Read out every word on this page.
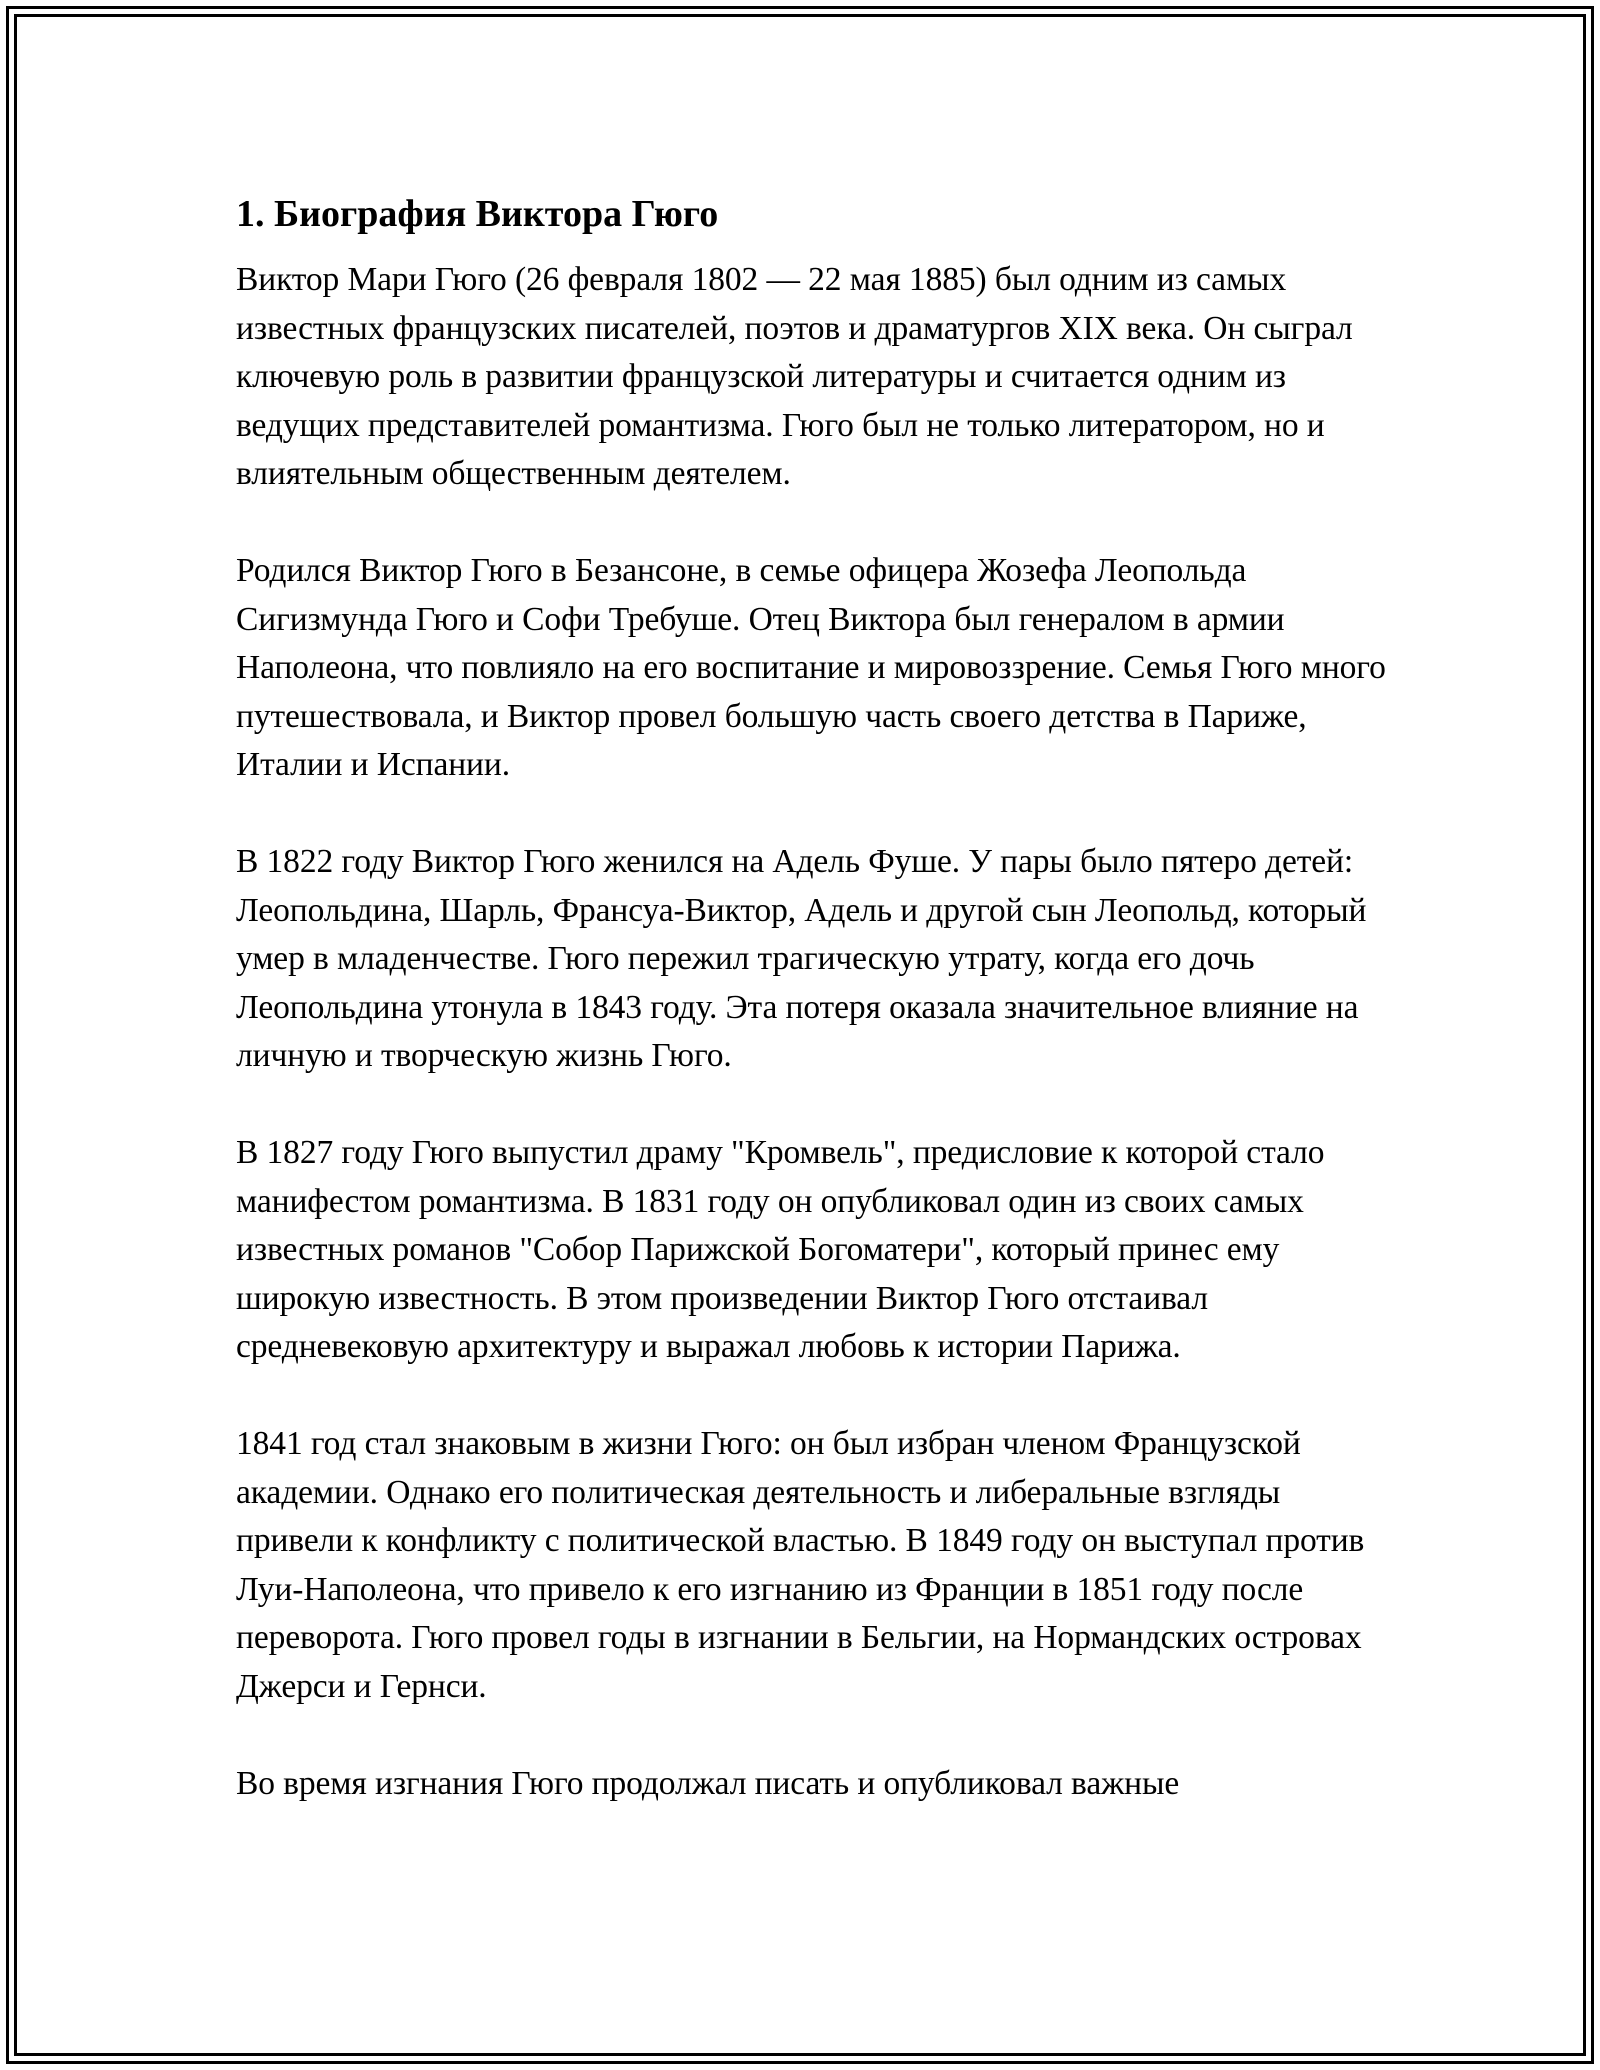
1. Биография Виктора Гюго

Виктор Мари Гюго (26 февраля 1802 — 22 мая 1885) был одним из самых известных французских писателей, поэтов и драматургов XIX века. Он сыграл ключевую роль в развитии французской литературы и считается одним из ведущих представителей романтизма. Гюго был не только литератором, но и влиятельным общественным деятелем.

Родился Виктор Гюго в Безансоне, в семье офицера Жозефа Леопольда Сигизмунда Гюго и Софи Требуше. Отец Виктора был генералом в армии Наполеона, что повлияло на его воспитание и мировоззрение. Семья Гюго много путешествовала, и Виктор провел большую часть своего детства в Париже, Италии и Испании.

В 1822 году Виктор Гюго женился на Адель Фуше. У пары было пятеро детей: Леопольдина, Шарль, Франсуа-Виктор, Адель и другой сын Леопольд, который умер в младенчестве. Гюго пережил трагическую утрату, когда его дочь Леопольдина утонула в 1843 году. Эта потеря оказала значительное влияние на личную и творческую жизнь Гюго.

В 1827 году Гюго выпустил драму "Кромвель", предисловие к которой стало манифестом романтизма. В 1831 году он опубликовал один из своих самых известных романов "Собор Парижской Богоматери", который принес ему широкую известность. В этом произведении Виктор Гюго отстаивал средневековую архитектуру и выражал любовь к истории Парижа.

1841 год стал знаковым в жизни Гюго: он был избран членом Французской академии. Однако его политическая деятельность и либеральные взгляды привели к конфликту с политической властью. В 1849 году он выступал против Луи-Наполеона, что привело к его изгнанию из Франции в 1851 году после переворота. Гюго провел годы в изгнании в Бельгии, на Нормандских островах Джерси и Гернси.

Во время изгнания Гюго продолжал писать и опубликовал важные
